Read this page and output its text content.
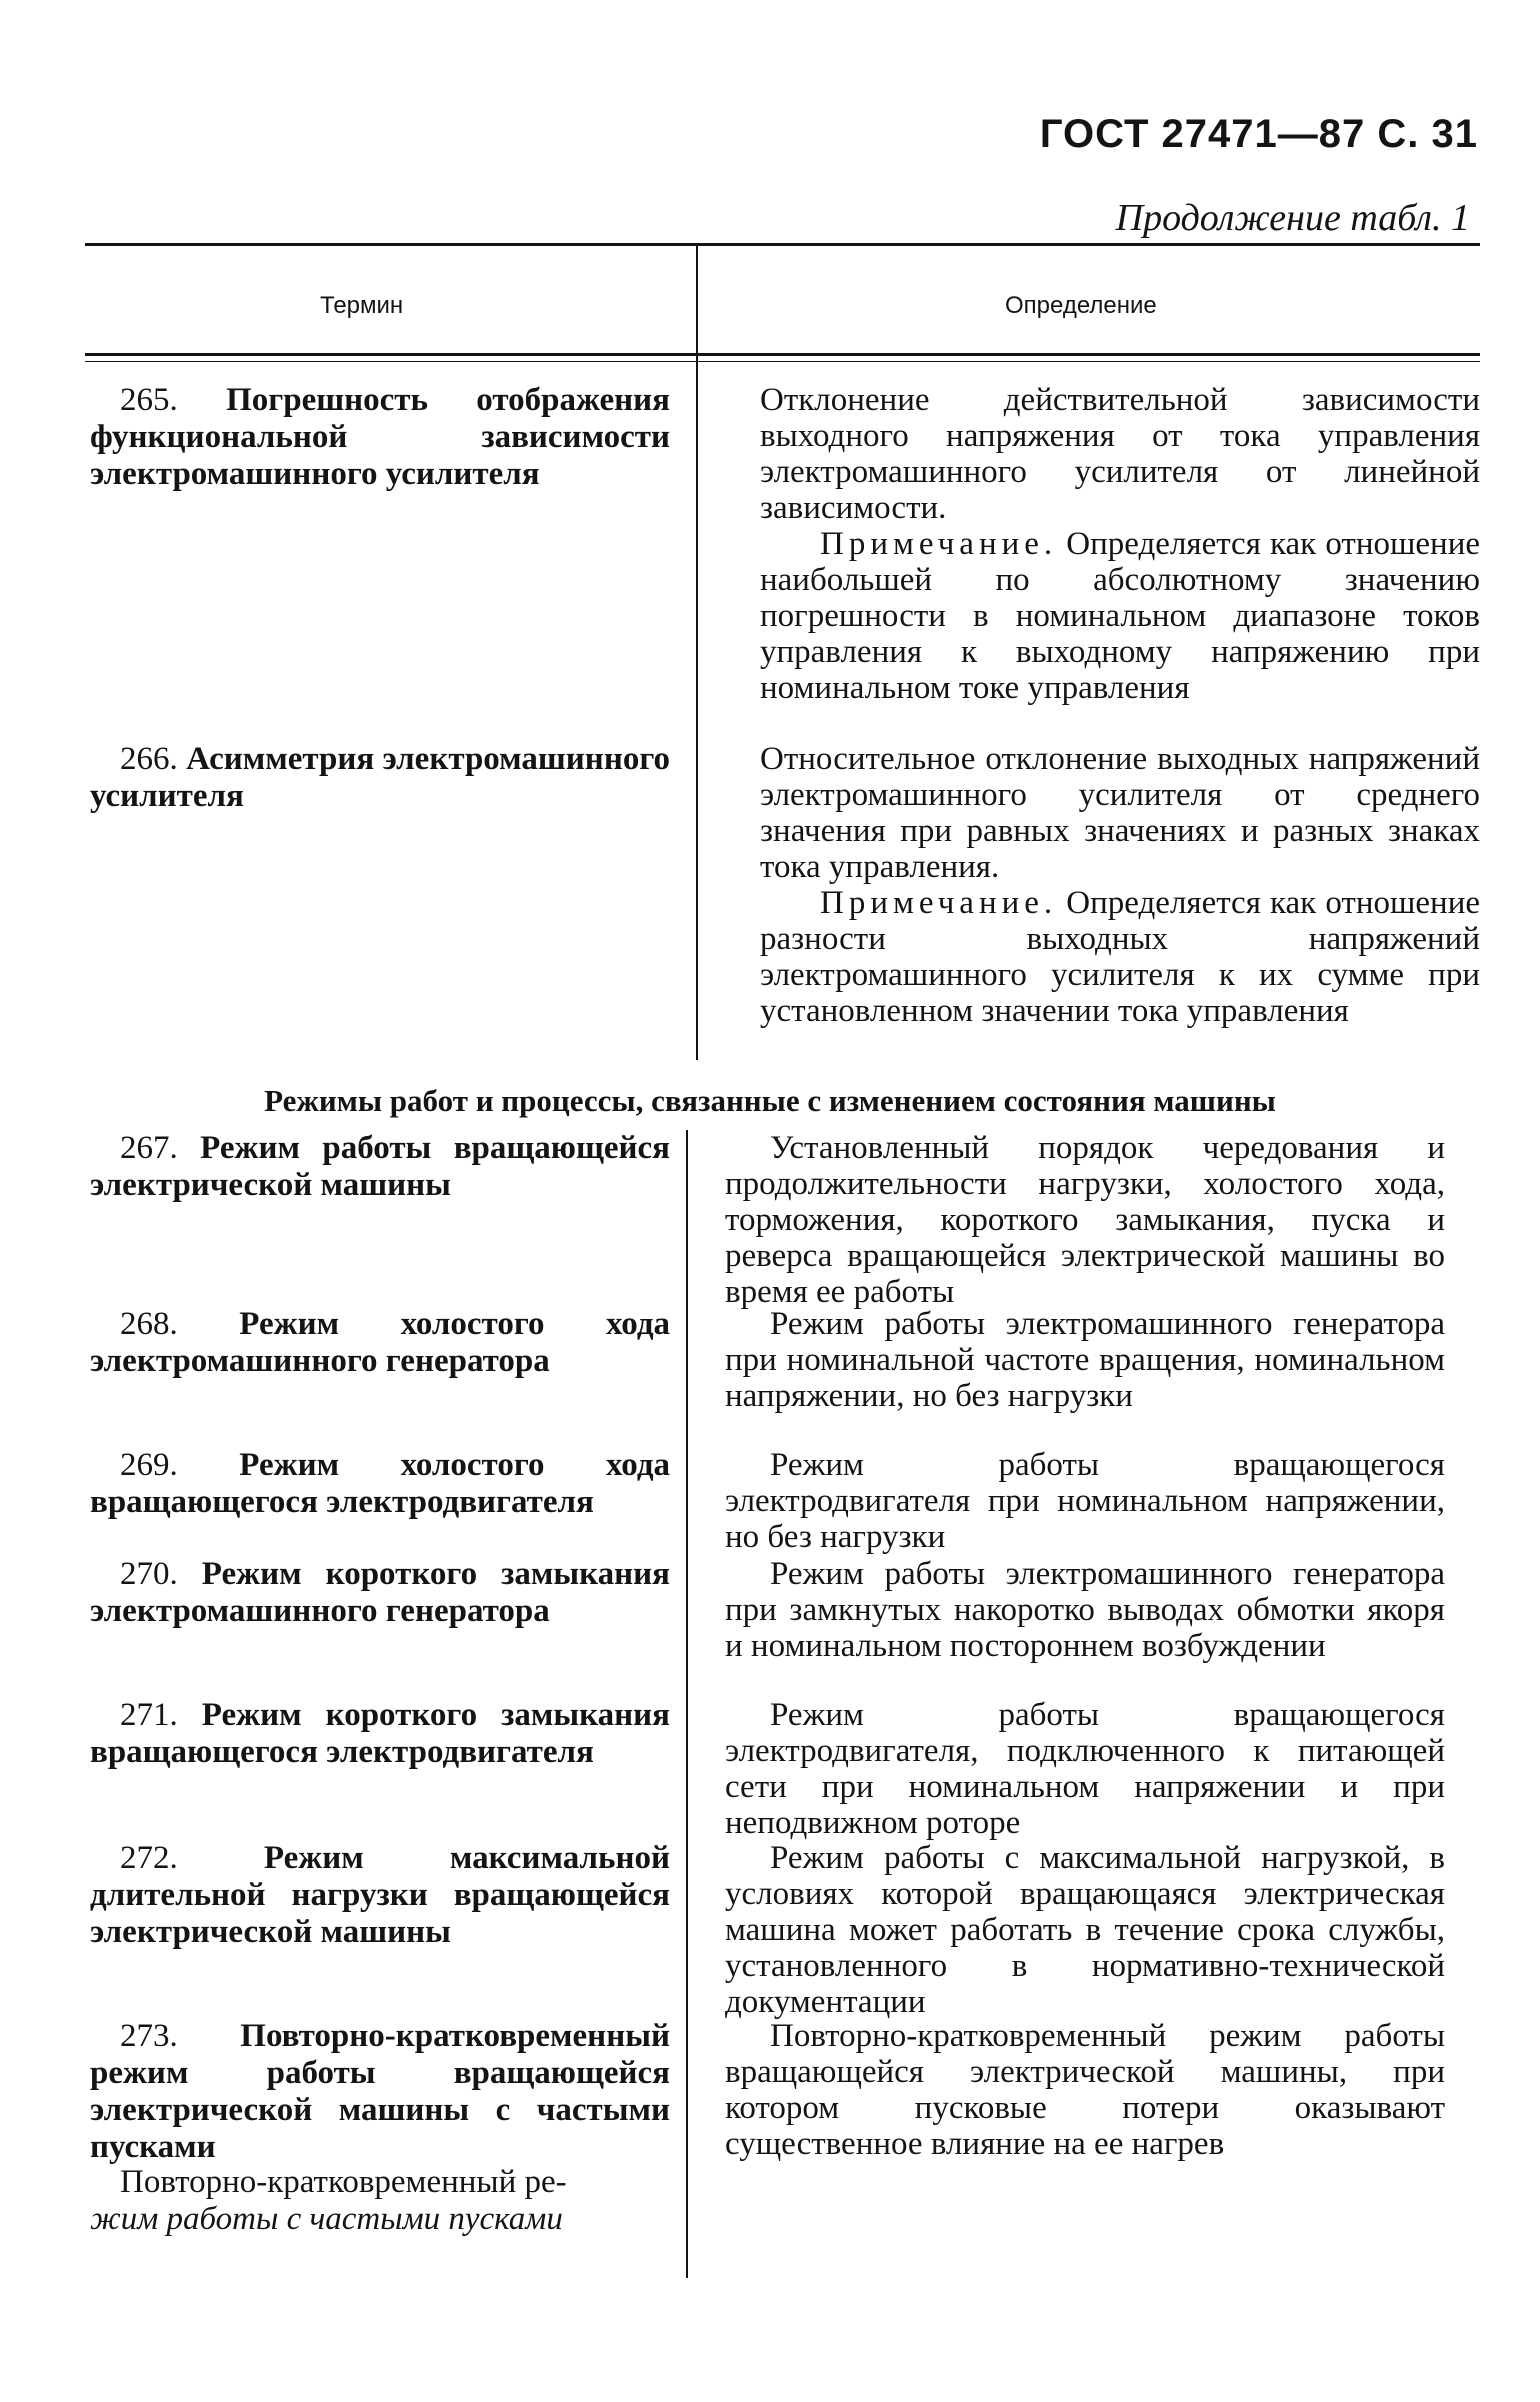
ГОСТ 27471—87 С. 31
Продолжение табл. 1
Термин	Определение
265. Погрешность отображения функциональной зависимости электромашинного усилителя

Отклонение действительной зависимости выходного напряжения от тока управления электромашинного усилителя от линейной зависимости.

Примечание. Определяется как отношение наибольшей по абсолютному значению погрешности в номинальном диапазоне токов управления к выходному напряжению при номинальном токе управления

266. Асимметрия электромашинного усилителя

Относительное отклонение выходных напряжений электромашинного усилителя от среднего значения при равных значениях и разных знаках тока управления.

Примечание. Определяется как отношение разности выходных напряжений электромашинного усилителя к их сумме при установленном значении тока управления

Режимы работ и процессы, связанные с изменением состояния машины
267. Режим работы вращающейся электрической машины

Установленный порядок чередования и продолжительности нагрузки, холостого хода, торможения, короткого замыкания, пуска и реверса вращающейся электрической машины во время ее работы

268. Режим холостого хода электромашинного генератора

Режим работы электромашинного генератора при номинальной частоте вращения, номинальном напряжении, но без нагрузки

269. Режим холостого хода вращающегося электродвигателя

Режим работы вращающегося электродвигателя при номинальном напряжении, но без нагрузки

270. Режим короткого замыкания электромашинного генератора

Режим работы электромашинного генератора при замкнутых накоротко выводах обмотки якоря и номинальном постороннем возбуждении

271. Режим короткого замыкания вращающегося электродвигателя

Режим работы вращающегося электродвигателя, подключенного к питающей сети при номинальном напряжении и при неподвижном роторе

272.	Режим максимальной длительной нагрузки вращающейся электрической машины

Режим работы с максимальной нагрузкой, в условиях которой вращающаяся электрическая машина может работать в течение срока службы, установленного в нормативно-технической документации

273. Повторно-кратковременный режим работы вращающейся электрической машины с частыми пусками
Повторно-кратковременный ре-
жим работы с частыми пусками

Повторно-кратковременный режим работы вращающейся электрической машины, при котором пусковые потери оказывают существенное влияние на ее нагрев
